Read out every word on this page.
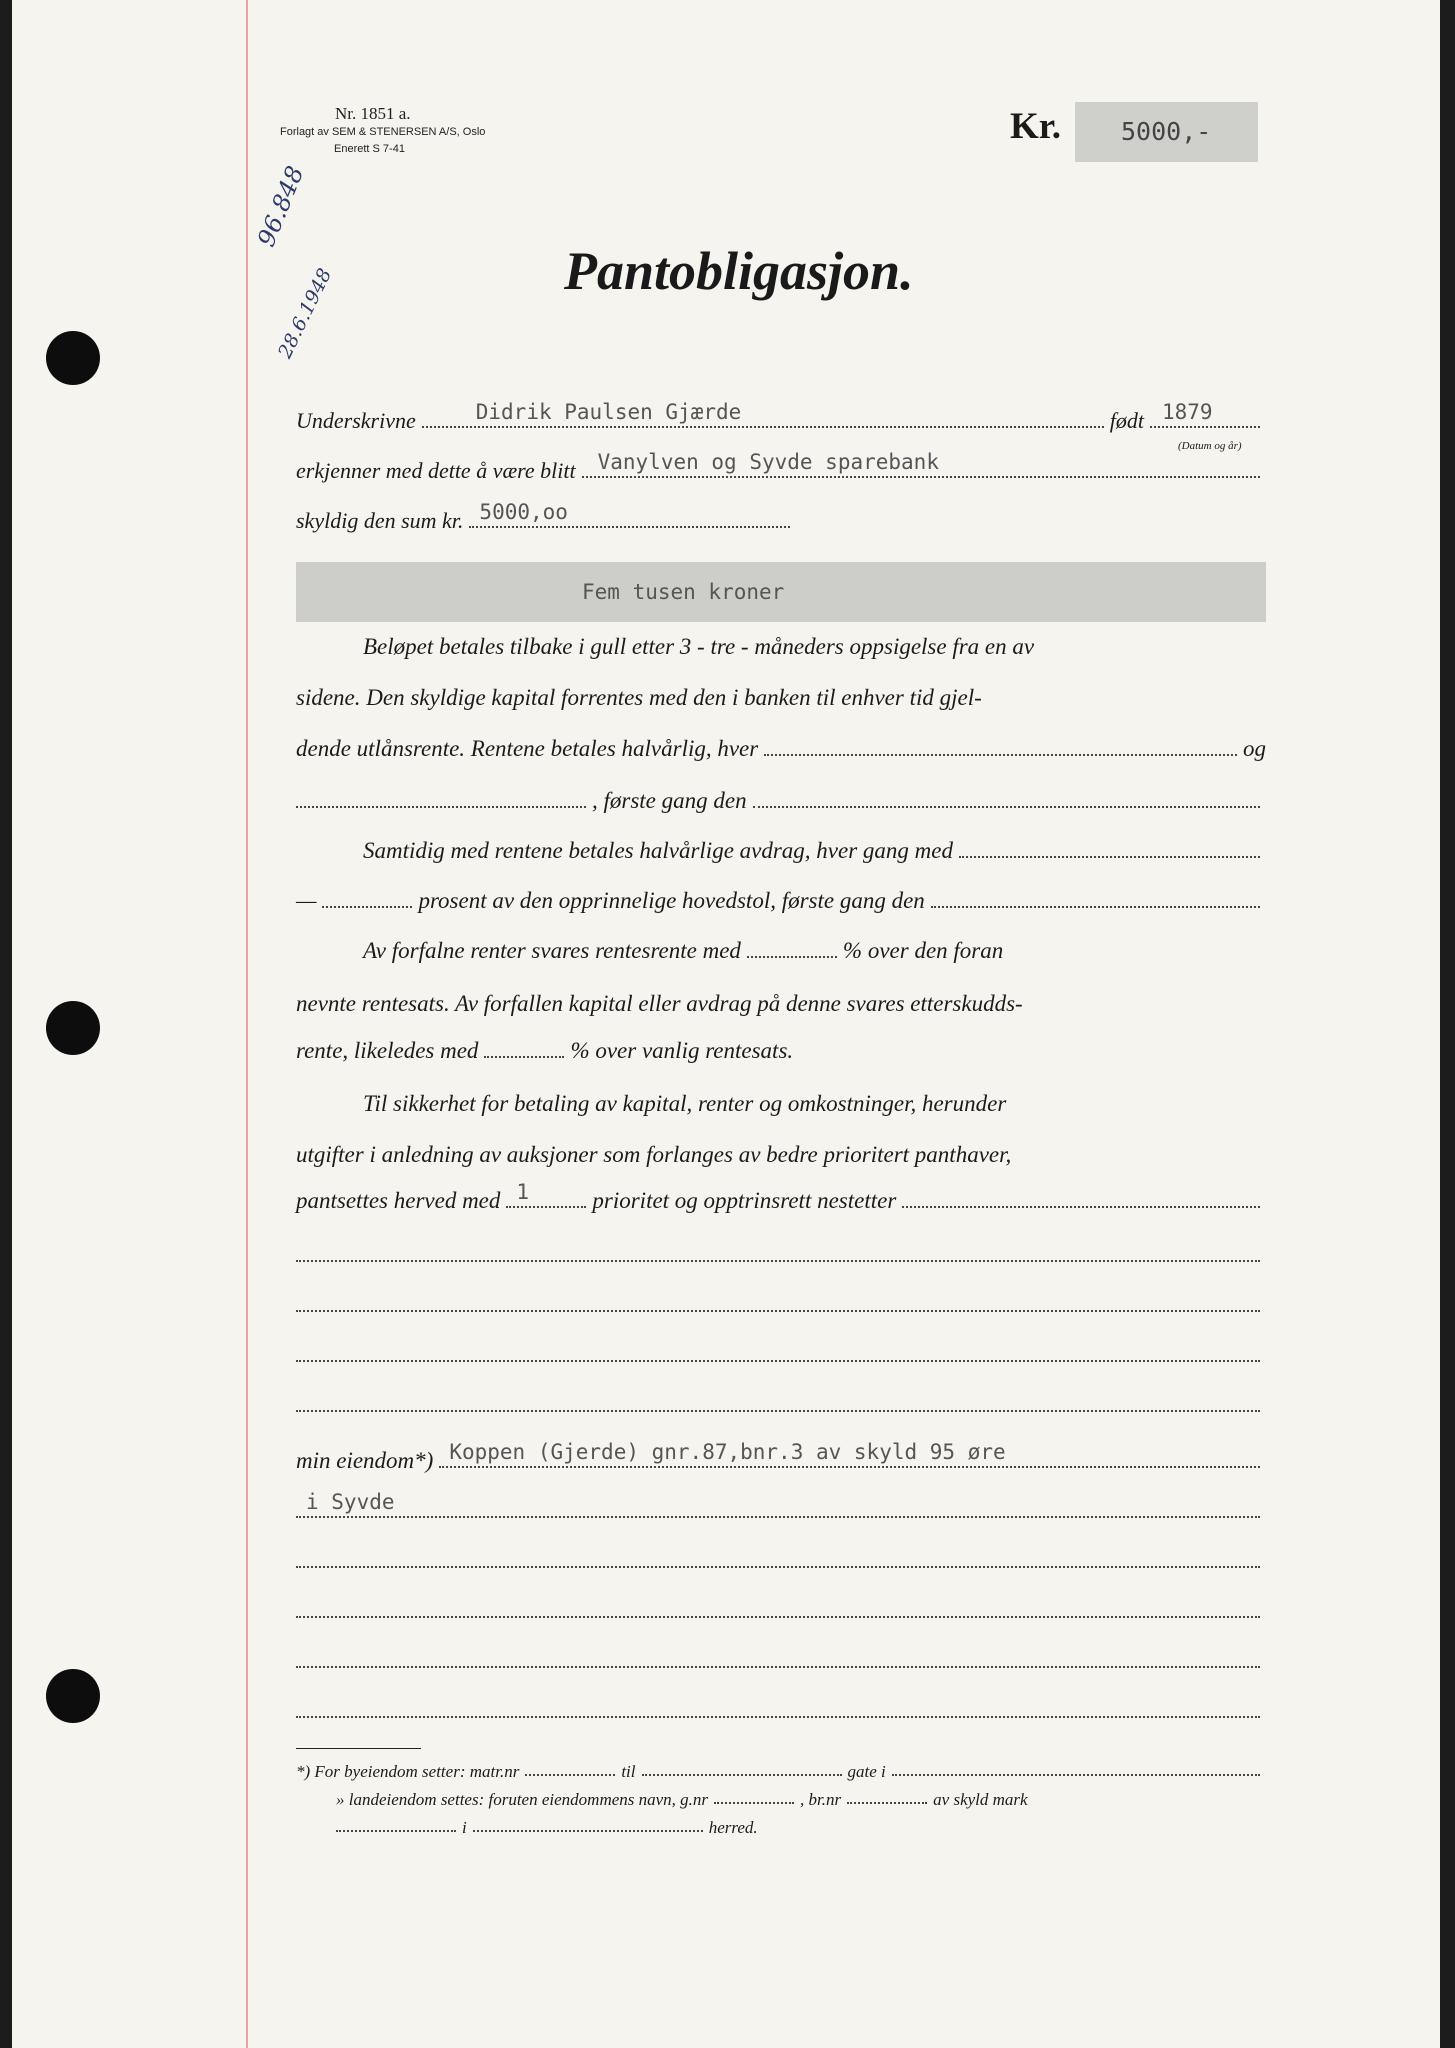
Nr. 1851 a.
Forlagt av SEM & STENERSEN A/S, Oslo
Enerett S 7-41
Kr.	5000,-
96.848
28.6.1948	Pantobligasjon.
Underskrivne	Didrik Paulsen Gjærde	født 1879
(Datum og år)
erkjenner med dette å være blitt Vanylven og Syvde sparebank
skyldig den sum kr. 5000,oo
Fem tusen kroner
Beløpet betales tilbake i gull etter 3 - tre - måneders oppsigelse fra en av
sidene. Den skyldige kapital forrentes med den i banken til enhver tid gjel-
dende utlånsrente. Rentene betales halvårlig, hver	og
, første gang den
Samtidig med rentene betales halvårlige avdrag, hver gang med
—	prosent av den opprinnelige hovedstol, første gang den
Av forfalne renter svares rentesrente med	% over den foran
nevnte rentesats. Av forfallen kapital eller avdrag på denne svares etterskudds-
rente, likeledes med	% over vanlig rentesats.
Til sikkerhet for betaling av kapital, renter og omkostninger, herunder
utgifter i anledning av auksjoner som forlanges av bedre prioritert panthaver,
pantsettes herved med 1	prioritet og opptrinsrett nestetter
min eiendom*) Koppen (Gjerde) gnr.87,bnr.3 av skyld 95 øre
i Syvde
*) For byeiendom setter: matr.nr	til	gate i
» landeiendom settes: foruten eiendommens navn, g.nr	, br.nr	av skyld mark
i	herred.
